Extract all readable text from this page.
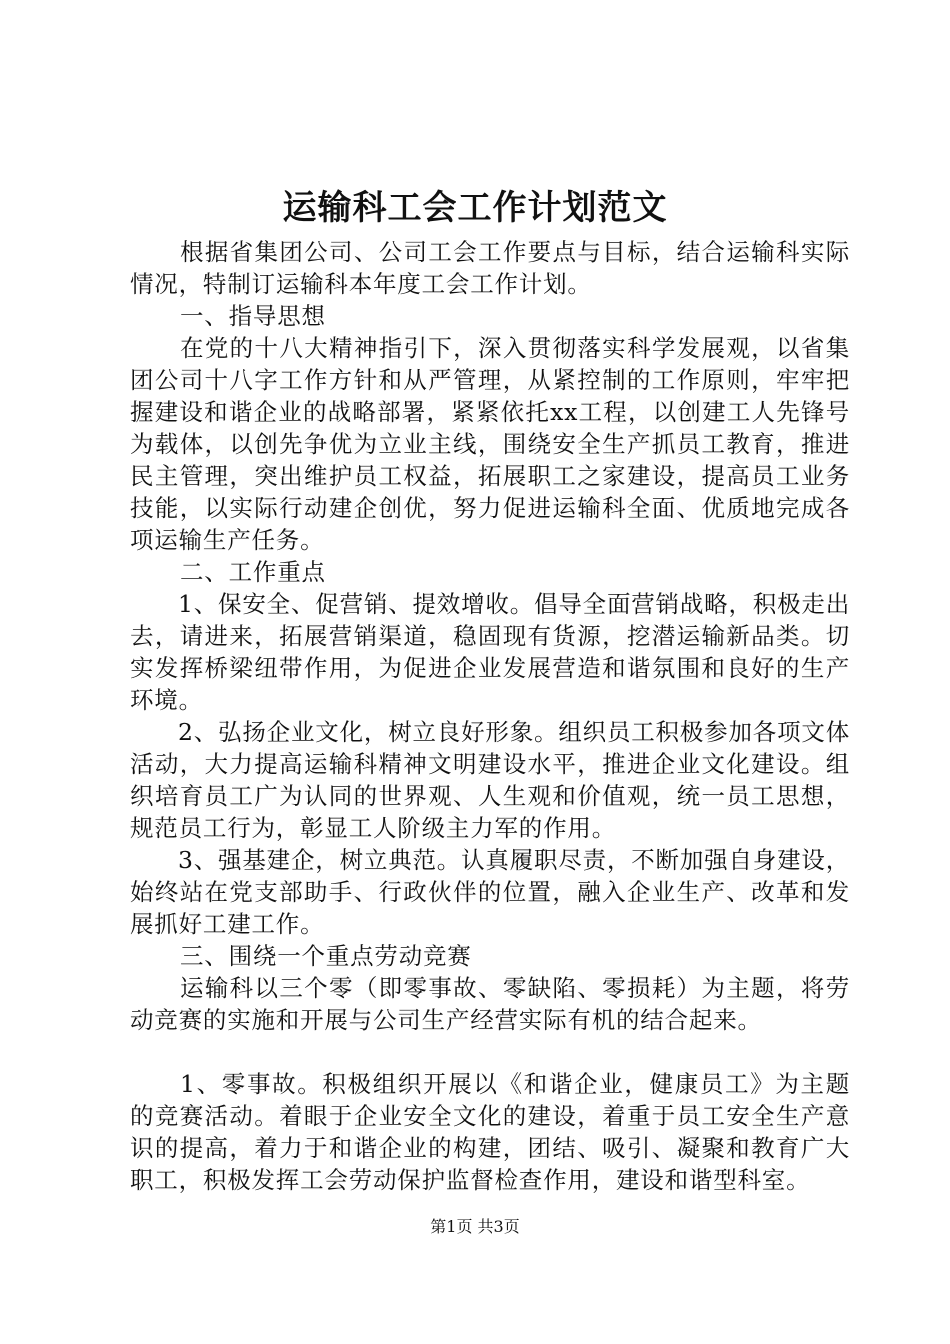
运输科工会工作计划范文

根据省集团公司、公司工会工作要点与目标，结合运输科实际情况，特制订运输科本年度工会工作计划。

一、指导思想

在党的十八大精神指引下，深入贯彻落实科学发展观，以省集团公司十八字工作方针和从严管理，从紧控制的工作原则，牢牢把握建设和谐企业的战略部署，紧紧依托xx工程，以创建工人先锋号为载体，以创先争优为立业主线，围绕安全生产抓员工教育，推进民主管理，突出维护员工权益，拓展职工之家建设，提高员工业务技能，以实际行动建企创优，努力促进运输科全面、优质地完成各项运输生产任务。

二、工作重点

1、保安全、促营销、提效增收。倡导全面营销战略，积极走出去，请进来，拓展营销渠道，稳固现有货源，挖潜运输新品类。切实发挥桥梁纽带作用，为促进企业发展营造和谐氛围和良好的生产环境。

2、弘扬企业文化，树立良好形象。组织员工积极参加各项文体活动，大力提高运输科精神文明建设水平，推进企业文化建设。组织培育员工广为认同的世界观、人生观和价值观，统一员工思想，规范员工行为，彰显工人阶级主力军的作用。

3、强基建企，树立典范。认真履职尽责，不断加强自身建设，始终站在党支部助手、行政伙伴的位置，融入企业生产、改革和发展抓好工建工作。

三、围绕一个重点劳动竞赛

运输科以三个零（即零事故、零缺陷、零损耗）为主题，将劳动竞赛的实施和开展与公司生产经营实际有机的结合起来。

1、零事故。积极组织开展以《和谐企业，健康员工》为主题的竞赛活动。着眼于企业安全文化的建设，着重于员工安全生产意识的提高，着力于和谐企业的构建，团结、吸引、凝聚和教育广大职工，积极发挥工会劳动保护监督检查作用，建设和谐型科室。

第1页 共3页
